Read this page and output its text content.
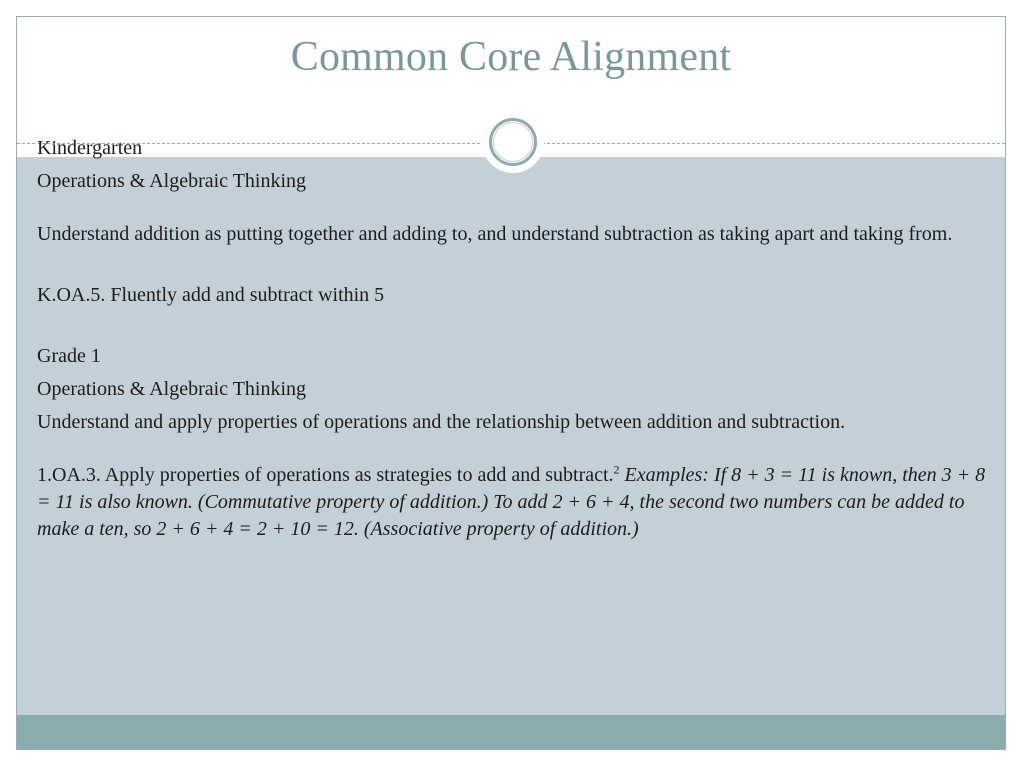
Common Core Alignment

Kindergarten

Operations & Algebraic Thinking

Understand addition as putting together and adding to, and understand subtraction as taking apart and taking from.

K.OA.5. Fluently add and subtract within 5

Grade 1

Operations & Algebraic Thinking

Understand and apply properties of operations and the relationship between addition and subtraction.

1.OA.3. Apply properties of operations as strategies to add and subtract.$^2$ Examples: If 8 + 3 = 11 is known, then 3 + 8 = 11 is also known. (Commutative property of addition.) To add 2 + 6 + 4, the second two numbers can be added to make a ten, so 2 + 6 + 4 = 2 + 10 = 12. (Associative property of addition.)
